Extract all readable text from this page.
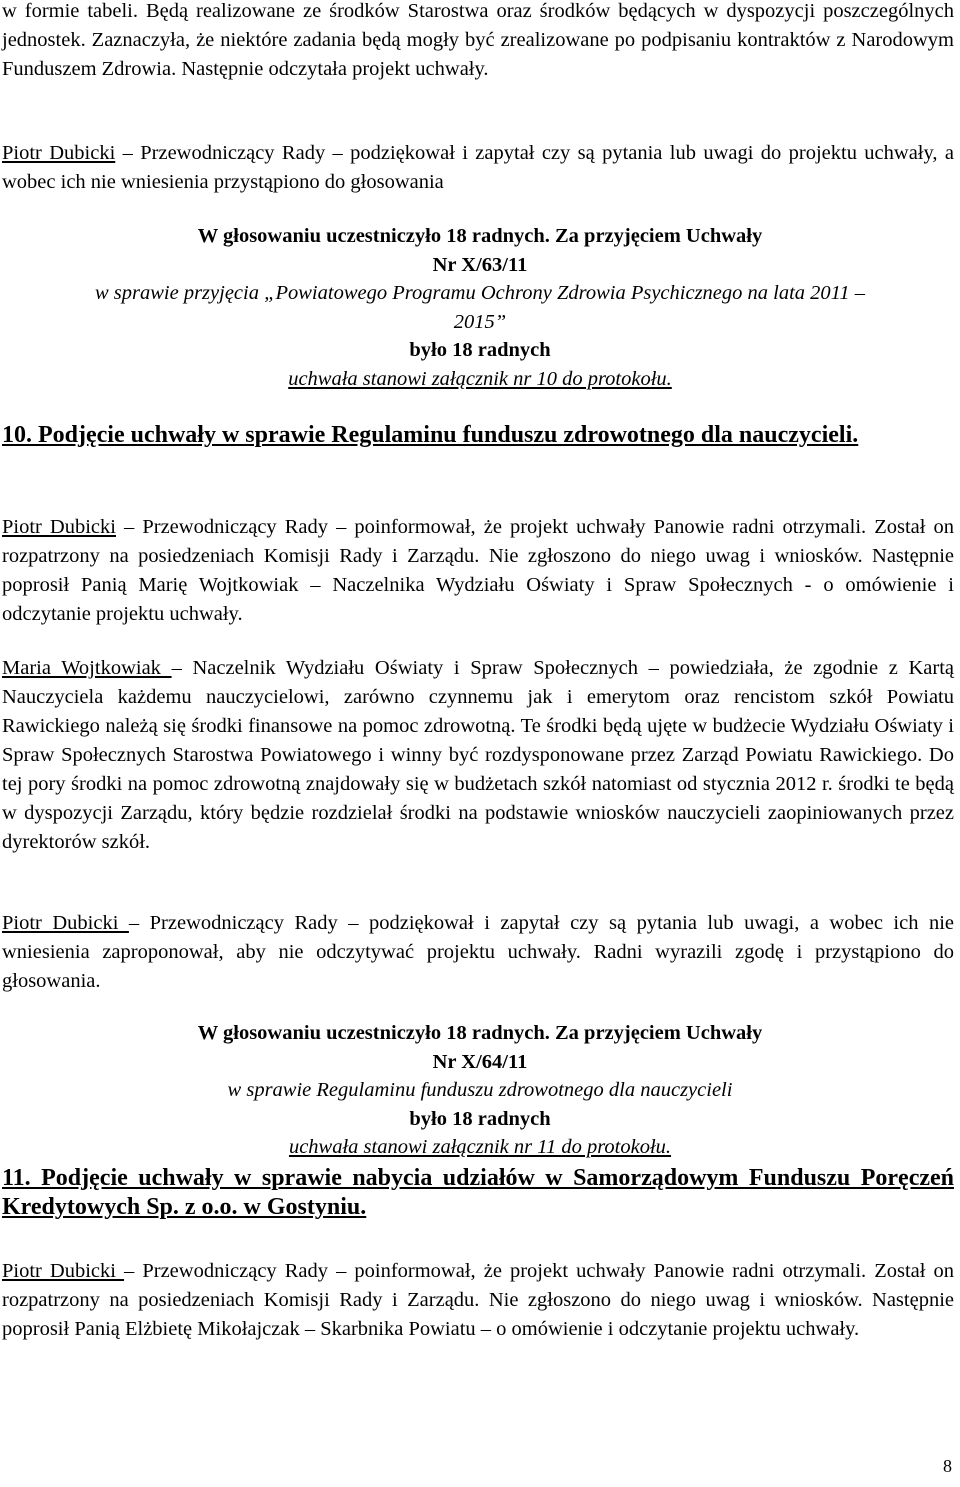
w formie tabeli. Będą realizowane ze środków Starostwa oraz środków będących w dyspozycji poszczególnych jednostek. Zaznaczyła, że niektóre zadania będą mogły być zrealizowane po podpisaniu kontraktów z Narodowym Funduszem Zdrowia. Następnie odczytała projekt uchwały.

Piotr Dubicki – Przewodniczący Rady – podziękował i zapytał czy są pytania lub uwagi do projektu uchwały, a wobec ich nie wniesienia przystąpiono do głosowania

W głosowaniu uczestniczyło 18 radnych. Za przyjęciem Uchwały
Nr X/63/11
w sprawie przyjęcia „Powiatowego Programu Ochrony Zdrowia Psychicznego na lata 2011 –
2015”
było 18 radnych
uchwała stanowi załącznik nr 10 do protokołu.

10. Podjęcie uchwały w sprawie Regulaminu funduszu zdrowotnego dla nauczycieli.

Piotr Dubicki – Przewodniczący Rady – poinformował, że projekt uchwały Panowie radni otrzymali. Został on rozpatrzony na posiedzeniach Komisji Rady i Zarządu. Nie zgłoszono do niego uwag i wniosków. Następnie poprosił Panią Marię Wojtkowiak – Naczelnika Wydziału Oświaty i Spraw Społecznych - o omówienie i odczytanie projektu uchwały.

Maria Wojtkowiak – Naczelnik Wydziału Oświaty i Spraw Społecznych – powiedziała, że zgodnie z Kartą Nauczyciela każdemu nauczycielowi, zarówno czynnemu jak i emerytom oraz rencistom szkół Powiatu Rawickiego należą się środki finansowe na pomoc zdrowotną. Te środki będą ujęte w budżecie Wydziału Oświaty i Spraw Społecznych Starostwa Powiatowego i winny być rozdysponowane przez Zarząd Powiatu Rawickiego. Do tej pory środki na pomoc zdrowotną znajdowały się w budżetach szkół natomiast od stycznia 2012 r. środki te będą w dyspozycji Zarządu, który będzie rozdzielał środki na podstawie wniosków nauczycieli zaopiniowanych przez dyrektorów szkół.

Piotr Dubicki – Przewodniczący Rady – podziękował i zapytał czy są pytania lub uwagi, a wobec ich nie wniesienia zaproponował, aby nie odczytywać projektu uchwały. Radni wyrazili zgodę i przystąpiono do głosowania.

W głosowaniu uczestniczyło 18 radnych. Za przyjęciem Uchwały
Nr X/64/11
w sprawie Regulaminu funduszu zdrowotnego dla nauczycieli
było 18 radnych
uchwała stanowi załącznik nr 11 do protokołu.

11. Podjęcie uchwały w sprawie nabycia udziałów w Samorządowym Funduszu Poręczeń Kredytowych Sp. z o.o. w Gostyniu.

Piotr Dubicki – Przewodniczący Rady – poinformował, że projekt uchwały Panowie radni otrzymali. Został on rozpatrzony na posiedzeniach Komisji Rady i Zarządu. Nie zgłoszono do niego uwag i wniosków. Następnie poprosił Panią Elżbietę Mikołajczak – Skarbnika Powiatu – o omówienie i odczytanie projektu uchwały.

8
